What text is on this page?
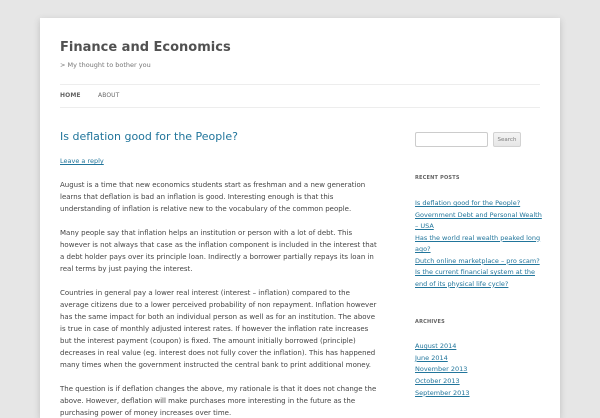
Finance and Economics
> My thought to bother you
HOME	ABOUT
Is deflation good for the People?
Leave a reply

August is a time that new economics students start as freshman and a new generation learns that deflation is bad an inflation is good. Interesting enough is that this understanding of inflation is relative new to the vocabulary of the common people.

Many people say that inflation helps an institution or person with a lot of debt. This however is not always that case as the inflation component is included in the interest that a debt holder pays over its principle loan. Indirectly a borrower partially repays its loan in real terms by just paying the interest.

Countries in general pay a lower real interest (interest – inflation) compared to the average citizens due to a lower perceived probability of non repayment. Inflation however has the same impact for both an individual person as well as for an institution. The above is true in case of monthly adjusted interest rates. If however the inflation rate increases but the interest payment (coupon) is fixed. The amount initially borrowed (principle) decreases in real value (eg. interest does not fully cover the inflation). This has happened many times when the government instructed the central bank to print additional money.

The question is if deflation changes the above, my rationale is that it does not change the above. However, deflation will make purchases more interesting in the future as the purchasing power of money increases over time.

Search
RECENT POSTS
Is deflation good for the People?
Government Debt and Personal Wealth – USA
Has the world real wealth peaked long ago?
Dutch online marketplace – pro scam?
Is the current financial system at the end of its physical life cycle?
ARCHIVES
August 2014
June 2014
November 2013
October 2013
September 2013
